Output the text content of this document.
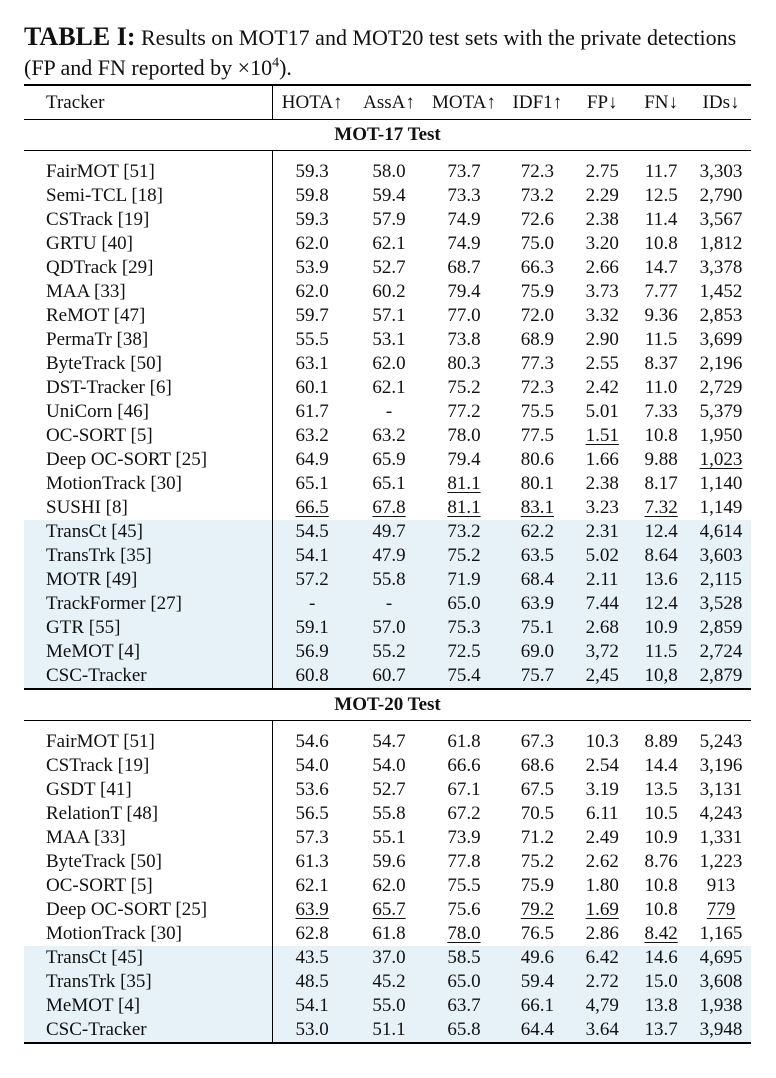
TABLE I: Results on MOT17 and MOT20 test sets with the private detections (FP and FN reported by $\times 10^4$).
Tracker	HOTA↑	AssA↑	MOTA↑	IDF1↑	FP↓	FN↓	IDs↓
MOT-17 Test							

FairMOT [51]	59.3	58.0	73.7	72.3	2.75	11.7	3,303
Semi-TCL [18]	59.8	59.4	73.3	73.2	2.29	12.5	2,790
CSTrack [19]	59.3	57.9	74.9	72.6	2.38	11.4	3,567
GRTU [40]	62.0	62.1	74.9	75.0	3.20	10.8	1,812
QDTrack [29]	53.9	52.7	68.7	66.3	2.66	14.7	3,378
MAA [33]	62.0	60.2	79.4	75.9	3.73	7.77	1,452
ReMOT [47]	59.7	57.1	77.0	72.0	3.32	9.36	2,853
PermaTr [38]	55.5	53.1	73.8	68.9	2.90	11.5	3,699
ByteTrack [50]	63.1	62.0	80.3	77.3	2.55	8.37	2,196
DST-Tracker [6]	60.1	62.1	75.2	72.3	2.42	11.0	2,729
UniCorn [46]	61.7	-	77.2	75.5	5.01	7.33	5,379
OC-SORT [5]	63.2	63.2	78.0	77.5	1.51	10.8	1,950
Deep OC-SORT [25]	64.9	65.9	79.4	80.6	1.66	9.88	1,023
MotionTrack [30]	65.1	65.1	81.1	80.1	2.38	8.17	1,140
SUSHI [8]	66.5	67.8	81.1	83.1	3.23	7.32	1,149
TransCt [45]	54.5	49.7	73.2	62.2	2.31	12.4	4,614
TransTrk [35]	54.1	47.9	75.2	63.5	5.02	8.64	3,603
MOTR [49]	57.2	55.8	71.9	68.4	2.11	13.6	2,115
TrackFormer [27]	-	-	65.0	63.9	7.44	12.4	3,528
GTR [55]	59.1	57.0	75.3	75.1	2.68	10.9	2,859
MeMOT [4]	56.9	55.2	72.5	69.0	3,72	11.5	2,724
CSC-Tracker	60.8	60.7	75.4	75.7	2,45	10,8	2,879
MOT-20 Test							

FairMOT [51]	54.6	54.7	61.8	67.3	10.3	8.89	5,243
CSTrack [19]	54.0	54.0	66.6	68.6	2.54	14.4	3,196
GSDT [41]	53.6	52.7	67.1	67.5	3.19	13.5	3,131
RelationT [48]	56.5	55.8	67.2	70.5	6.11	10.5	4,243
MAA [33]	57.3	55.1	73.9	71.2	2.49	10.9	1,331
ByteTrack [50]	61.3	59.6	77.8	75.2	2.62	8.76	1,223
OC-SORT [5]	62.1	62.0	75.5	75.9	1.80	10.8	913
Deep OC-SORT [25]	63.9	65.7	75.6	79.2	1.69	10.8	779
MotionTrack [30]	62.8	61.8	78.0	76.5	2.86	8.42	1,165
TransCt [45]	43.5	37.0	58.5	49.6	6.42	14.6	4,695
TransTrk [35]	48.5	45.2	65.0	59.4	2.72	15.0	3,608
MeMOT [4]	54.1	55.0	63.7	66.1	4,79	13.8	1,938
CSC-Tracker	53.0	51.1	65.8	64.4	3.64	13.7	3,948
